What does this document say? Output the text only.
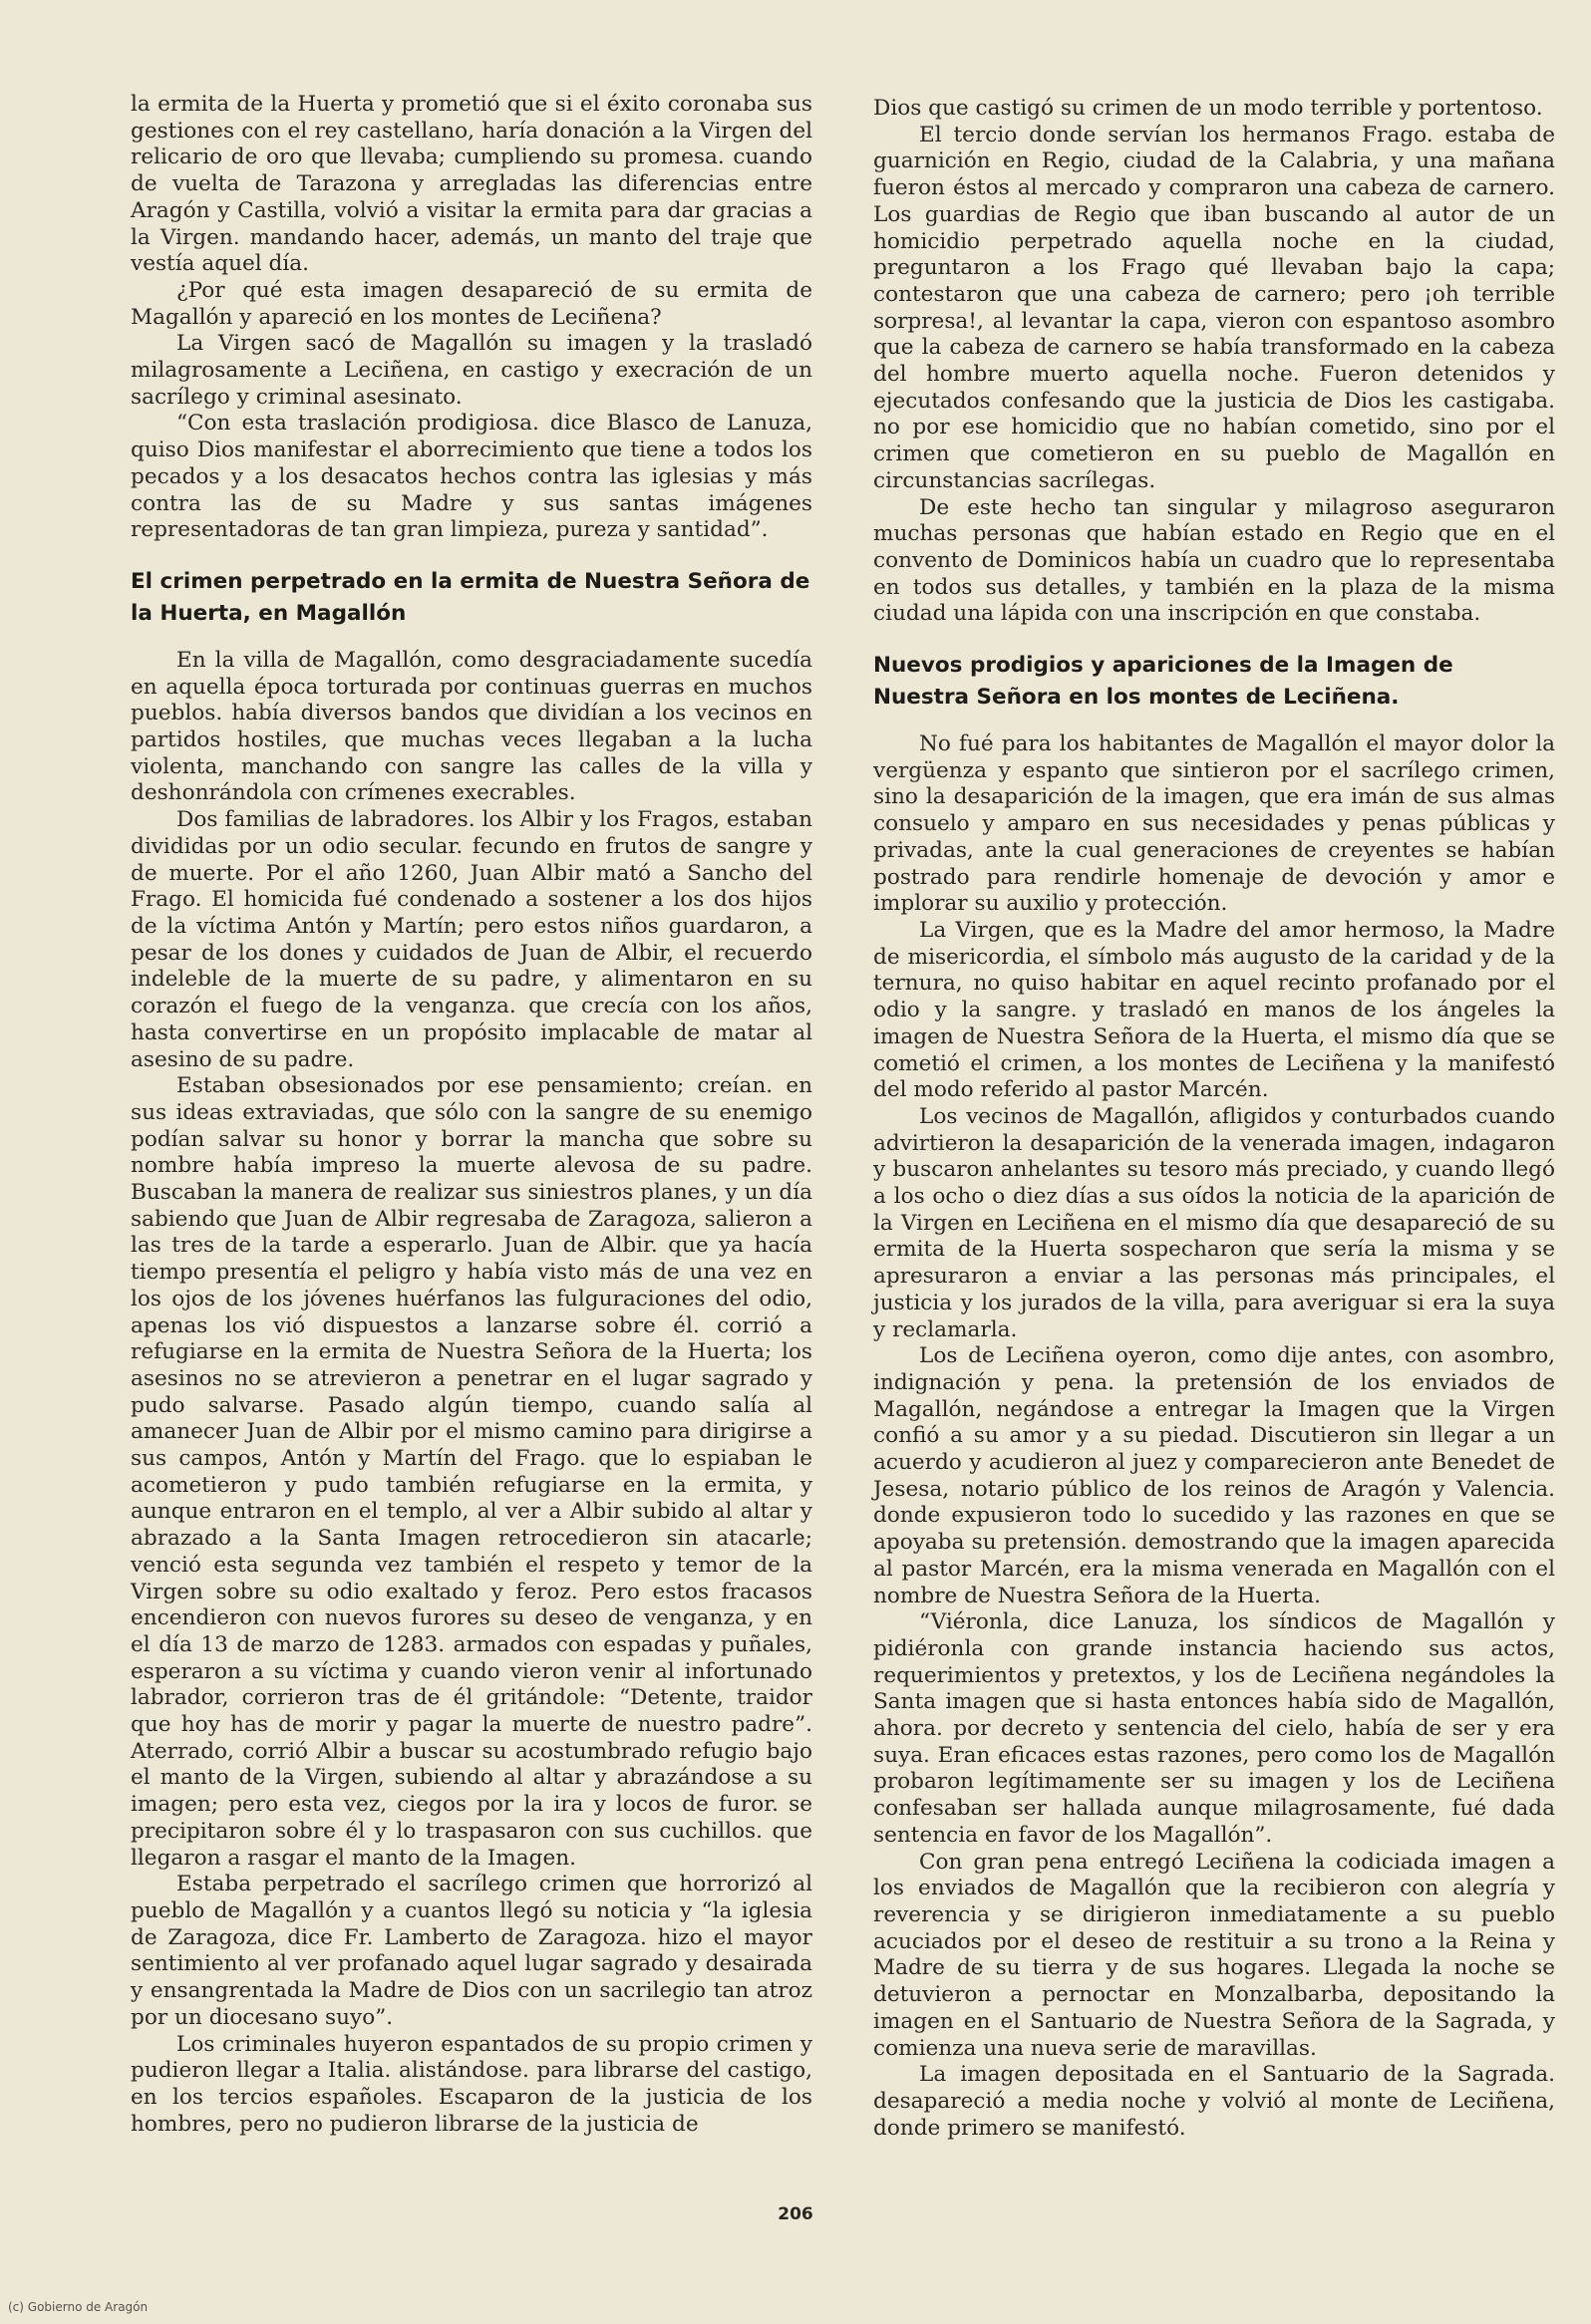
la ermita de la Huerta y prometió que si el éxito coronaba sus gestiones con el rey castellano, haría donación a la Virgen del relicario de oro que llevaba; cumpliendo su promesa. cuando de vuelta de Tarazona y arregladas las diferencias entre Aragón y Castilla, volvió a visitar la ermita para dar gracias a la Virgen. mandando hacer, además, un manto del traje que vestía aquel día.

¿Por qué esta imagen desapareció de su ermita de Magallón y apareció en los montes de Leciñena?

La Virgen sacó de Magallón su imagen y la trasladó milagrosamente a Leciñena, en castigo y execración de un sacrílego y criminal asesinato.

“Con esta traslación prodigiosa. dice Blasco de Lanuza, quiso Dios manifestar el aborrecimiento que tiene a todos los pecados y a los desacatos hechos contra las iglesias y más contra las de su Madre y sus santas imágenes representadoras de tan gran limpieza, pureza y santidad”.

El crimen perpetrado en la ermita de Nuestra Señora de la Huerta, en Magallón

En la villa de Magallón, como desgraciadamente sucedía en aquella época torturada por continuas guerras en muchos pueblos. había diversos bandos que dividían a los vecinos en partidos hostiles, que muchas veces llegaban a la lucha violenta, manchando con sangre las calles de la villa y deshonrándola con crímenes execrables.

Dos familias de labradores. los Albir y los Fragos, estaban divididas por un odio secular. fecundo en frutos de sangre y de muerte. Por el año 1260, Juan Albir mató a Sancho del Frago. El homicida fué condenado a sostener a los dos hijos de la víctima Antón y Martín; pero estos niños guardaron, a pesar de los dones y cuidados de Juan de Albir, el recuerdo indeleble de la muerte de su padre, y alimentaron en su corazón el fuego de la venganza. que crecía con los años, hasta convertirse en un propósito implacable de matar al asesino de su padre.

Estaban obsesionados por ese pensamiento; creían. en sus ideas extraviadas, que sólo con la sangre de su enemigo podían salvar su honor y borrar la mancha que sobre su nombre había impreso la muerte alevosa de su padre. Buscaban la manera de realizar sus siniestros planes, y un día sabiendo que Juan de Albir regresaba de Zaragoza, salieron a las tres de la tarde a esperarlo. Juan de Albir. que ya hacía tiempo presentía el peligro y había visto más de una vez en los ojos de los jóvenes huérfanos las fulguraciones del odio, apenas los vió dispuestos a lanzarse sobre él. corrió a refugiarse en la ermita de Nuestra Señora de la Huerta; los asesinos no se atrevieron a penetrar en el lugar sagrado y pudo salvarse. Pasado algún tiempo, cuando salía al amanecer Juan de Albir por el mismo camino para dirigirse a sus campos, Antón y Martín del Frago. que lo espiaban le acometieron y pudo también refugiarse en la ermita, y aunque entraron en el templo, al ver a Albir subido al altar y abrazado a la Santa Imagen retrocedieron sin atacarle; venció esta segunda vez también el respeto y temor de la Virgen sobre su odio exaltado y feroz. Pero estos fracasos encendieron con nuevos furores su deseo de venganza, y en el día 13 de marzo de 1283. armados con espadas y puñales, esperaron a su víctima y cuando vieron venir al infortunado labrador, corrieron tras de él gritándole: “Detente, traidor que hoy has de morir y pagar la muerte de nuestro padre”. Aterrado, corrió Albir a buscar su acostumbrado refugio bajo el manto de la Virgen, subiendo al altar y abrazándose a su imagen; pero esta vez, ciegos por la ira y locos de furor. se precipitaron sobre él y lo traspasaron con sus cuchillos. que llegaron a rasgar el manto de la Imagen.

Estaba perpetrado el sacrílego crimen que horrorizó al pueblo de Magallón y a cuantos llegó su noticia y “la iglesia de Zaragoza, dice Fr. Lamberto de Zaragoza. hizo el mayor sentimiento al ver profanado aquel lugar sagrado y desairada y ensangrentada la Madre de Dios con un sacrilegio tan atroz por un diocesano suyo”.

Los criminales huyeron espantados de su propio crimen y pudieron llegar a Italia. alistándose. para librarse del castigo, en los tercios españoles. Escaparon de la justicia de los hombres, pero no pudieron librarse de la justicia de

Dios que castigó su crimen de un modo terrible y portentoso.

El tercio donde servían los hermanos Frago. estaba de guarnición en Regio, ciudad de la Calabria, y una mañana fueron éstos al mercado y compraron una cabeza de carnero. Los guardias de Regio que iban buscando al autor de un homicidio perpetrado aquella noche en la ciudad, preguntaron a los Frago qué llevaban bajo la capa; contestaron que una cabeza de carnero; pero ¡oh terrible sorpresa!, al levantar la capa, vieron con espantoso asombro que la cabeza de carnero se había transformado en la cabeza del hombre muerto aquella noche. Fueron detenidos y ejecutados confesando que la justicia de Dios les castigaba. no por ese homicidio que no habían cometido, sino por el crimen que cometieron en su pueblo de Magallón en circunstancias sacrílegas.

De este hecho tan singular y milagroso aseguraron muchas personas que habían estado en Regio que en el convento de Dominicos había un cuadro que lo representaba en todos sus detalles, y también en la plaza de la misma ciudad una lápida con una inscripción en que constaba.

Nuevos prodigios y apariciones de la Imagen de Nuestra Señora en los montes de Leciñena.

No fué para los habitantes de Magallón el mayor dolor la vergüenza y espanto que sintieron por el sacrílego crimen, sino la desaparición de la imagen, que era imán de sus almas consuelo y amparo en sus necesidades y penas públicas y privadas, ante la cual generaciones de creyentes se habían postrado para rendirle homenaje de devoción y amor e implorar su auxilio y protección.

La Virgen, que es la Madre del amor hermoso, la Madre de misericordia, el símbolo más augusto de la caridad y de la ternura, no quiso habitar en aquel recinto profanado por el odio y la sangre. y trasladó en manos de los ángeles la imagen de Nuestra Señora de la Huerta, el mismo día que se cometió el crimen, a los montes de Leciñena y la manifestó del modo referido al pastor Marcén.

Los vecinos de Magallón, afligidos y conturbados cuando advirtieron la desaparición de la venerada imagen, indagaron y buscaron anhelantes su tesoro más preciado, y cuando llegó a los ocho o diez días a sus oídos la noticia de la aparición de la Virgen en Leciñena en el mismo día que desapareció de su ermita de la Huerta sospecharon que sería la misma y se apresuraron a enviar a las personas más principales, el justicia y los jurados de la villa, para averiguar si era la suya y reclamarla.

Los de Leciñena oyeron, como dije antes, con asombro, indignación y pena. la pretensión de los enviados de Magallón, negándose a entregar la Imagen que la Virgen confió a su amor y a su piedad. Discutieron sin llegar a un acuerdo y acudieron al juez y comparecieron ante Benedet de Jesesa, notario público de los reinos de Aragón y Valencia. donde expusieron todo lo sucedido y las razones en que se apoyaba su pretensión. demostrando que la imagen aparecida al pastor Marcén, era la misma venerada en Magallón con el nombre de Nuestra Señora de la Huerta.

“Viéronla, dice Lanuza, los síndicos de Magallón y pidiéronla con grande instancia haciendo sus actos, requerimientos y pretextos, y los de Leciñena negándoles la Santa imagen que si hasta entonces había sido de Magallón, ahora. por decreto y sentencia del cielo, había de ser y era suya. Eran eficaces estas razones, pero como los de Magallón probaron legítimamente ser su imagen y los de Leciñena confesaban ser hallada aunque milagrosamente, fué dada sentencia en favor de los Magallón”.

Con gran pena entregó Leciñena la codiciada imagen a los enviados de Magallón que la recibieron con alegría y reverencia y se dirigieron inmediatamente a su pueblo acuciados por el deseo de restituir a su trono a la Reina y Madre de su tierra y de sus hogares. Llegada la noche se detuvieron a pernoctar en Monzalbarba, depositando la imagen en el Santuario de Nuestra Señora de la Sagrada, y comienza una nueva serie de maravillas.

La imagen depositada en el Santuario de la Sagrada. desapareció a media noche y volvió al monte de Leciñena, donde primero se manifestó.

206
(c) Gobierno de Aragón
